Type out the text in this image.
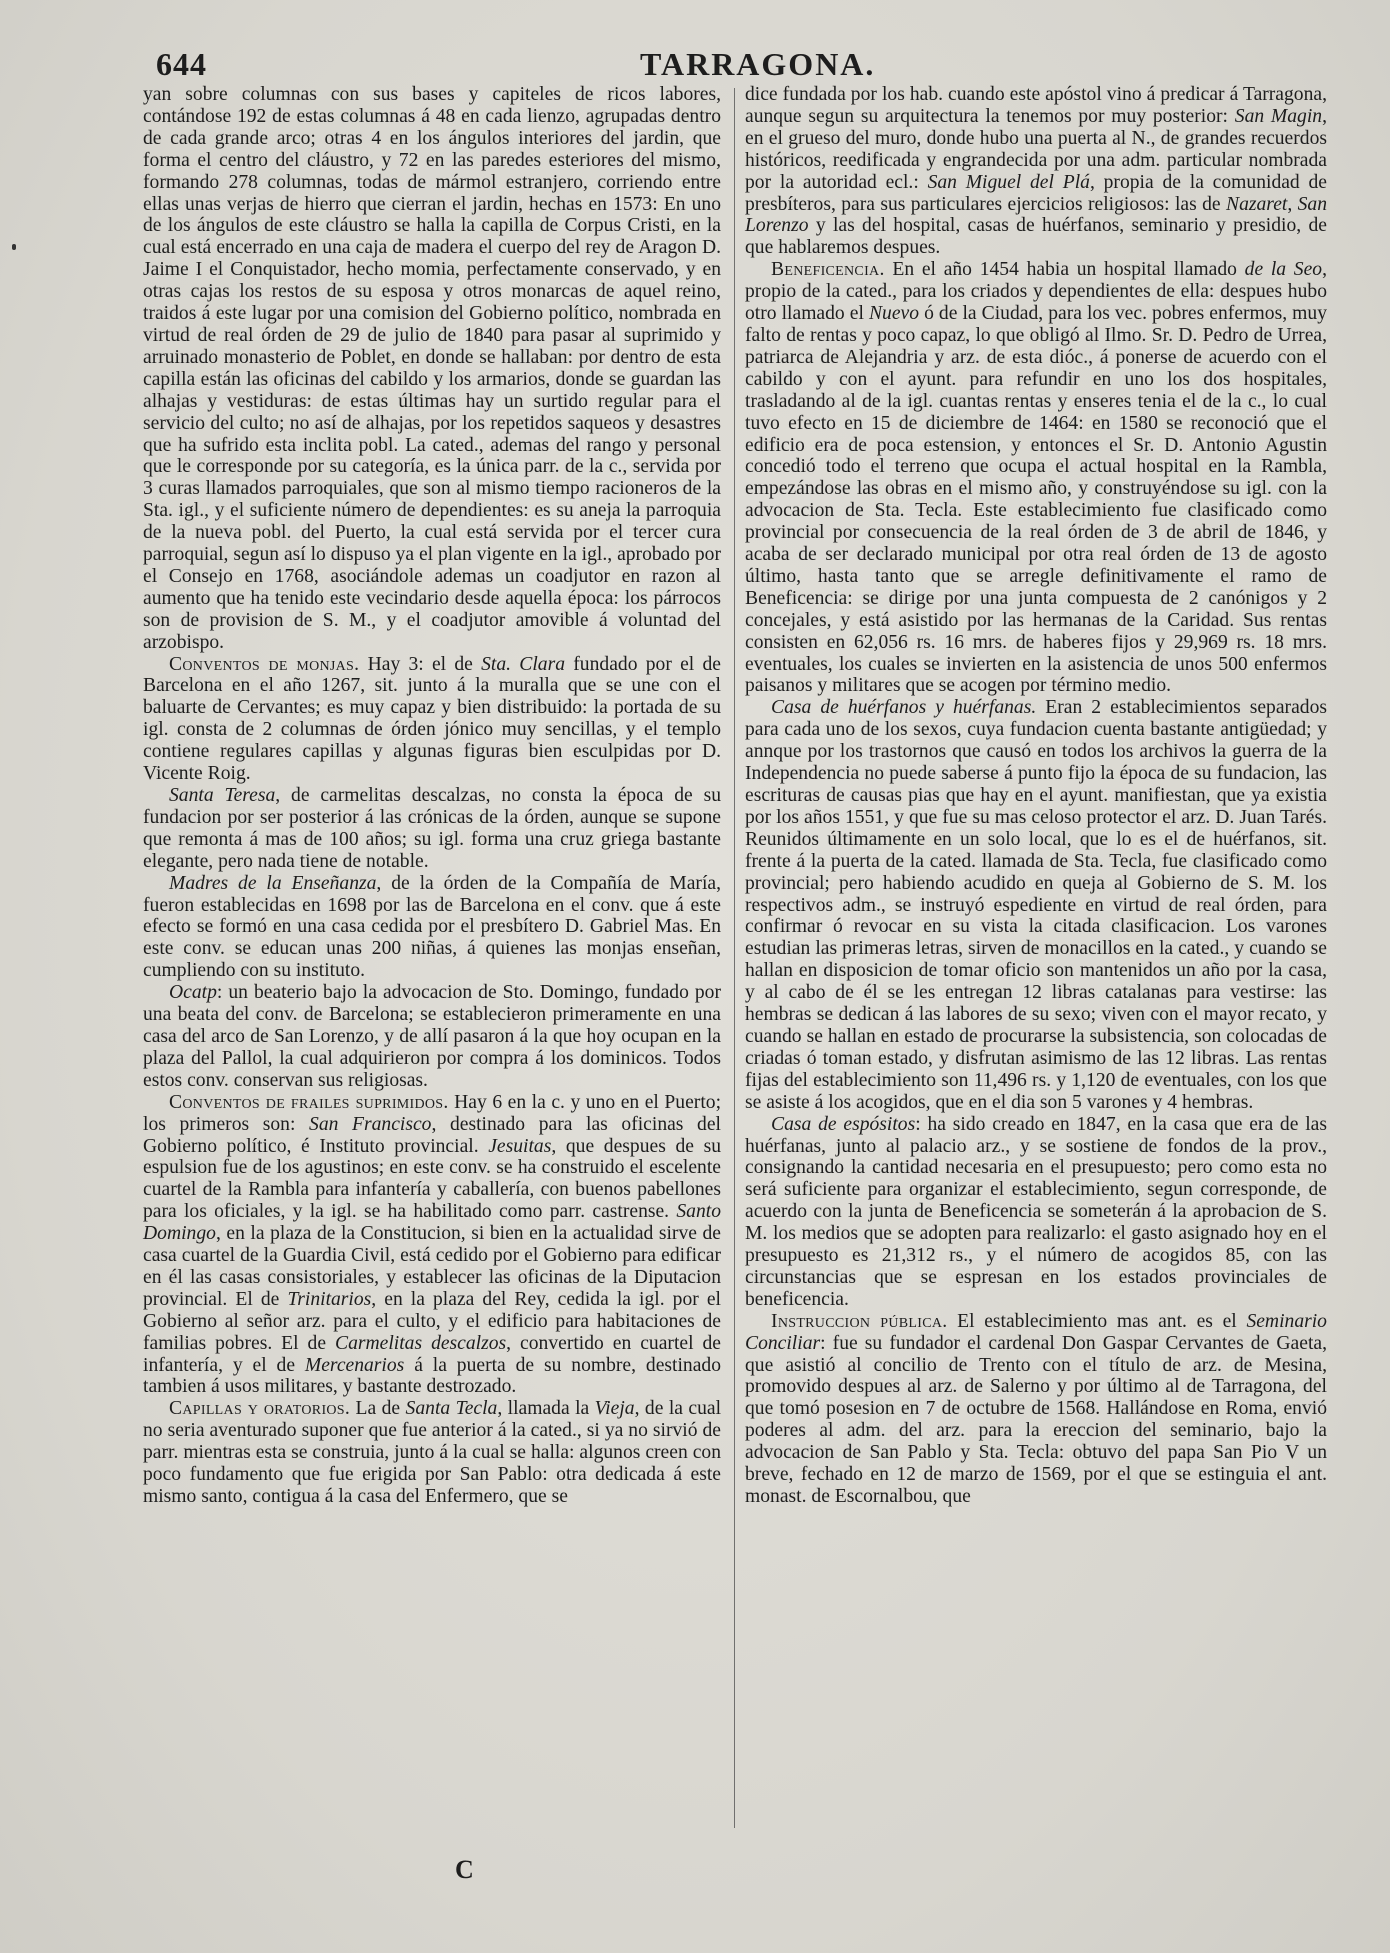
644	TARRAGONA.

yan sobre columnas con sus bases y capiteles de ricos labores, contándose 192 de estas columnas á 48 en cada lienzo, agrupadas dentro de cada grande arco; otras 4 en los ángulos interiores del jardin, que forma el centro del cláustro, y 72 en las paredes esteriores del mismo, formando 278 columnas, todas de mármol estranjero, corriendo entre ellas unas verjas de hierro que cierran el jardin, hechas en 1573: En uno de los ángulos de este cláustro se halla la capilla de Corpus Cristi, en la cual está encerrado en una caja de madera el cuerpo del rey de Aragon D. Jaime I el Conquistador, hecho momia, perfectamente conservado, y en otras cajas los restos de su esposa y otros monarcas de aquel reino, traidos á este lugar por una comision del Gobierno político, nombrada en virtud de real órden de 29 de julio de 1840 para pasar al suprimido y arruinado monasterio de Poblet, en donde se hallaban: por dentro de esta capilla están las oficinas del cabildo y los armarios, donde se guardan las alhajas y vestiduras: de estas últimas hay un surtido regular para el servicio del culto; no así de alhajas, por los repetidos saqueos y desastres que ha sufrido esta inclita pobl. La cated., ademas del rango y personal que le corresponde por su categoría, es la única parr. de la c., servida por 3 curas llamados parroquiales, que son al mismo tiempo racioneros de la Sta. igl., y el suficiente número de dependientes: es su aneja la parroquia de la nueva pobl. del Puerto, la cual está servida por el tercer cura parroquial, segun así lo dispuso ya el plan vigente en la igl., aprobado por el Consejo en 1768, asociándole ademas un coadjutor en razon al aumento que ha tenido este vecindario desde aquella época: los párrocos son de provision de S. M., y el coadjutor amovible á voluntad del arzobispo.

Conventos de monjas. Hay 3: el de Sta. Clara fundado por el de Barcelona en el año 1267, sit. junto á la muralla que se une con el baluarte de Cervantes; es muy capaz y bien distribuido: la portada de su igl. consta de 2 columnas de órden jónico muy sencillas, y el templo contiene regulares capillas y algunas figuras bien esculpidas por D. Vicente Roig.

Santa Teresa, de carmelitas descalzas, no consta la época de su fundacion por ser posterior á las crónicas de la órden, aunque se supone que remonta á mas de 100 años; su igl. forma una cruz griega bastante elegante, pero nada tiene de notable.

Madres de la Enseñanza, de la órden de la Compañía de María, fueron establecidas en 1698 por las de Barcelona en el conv. que á este efecto se formó en una casa cedida por el presbítero D. Gabriel Mas. En este conv. se educan unas 200 niñas, á quienes las monjas enseñan, cumpliendo con su instituto.

Ocatp: un beaterio bajo la advocacion de Sto. Domingo, fundado por una beata del conv. de Barcelona; se establecieron primeramente en una casa del arco de San Lorenzo, y de allí pasaron á la que hoy ocupan en la plaza del Pallol, la cual adquirieron por compra á los dominicos. Todos estos conv. conservan sus religiosas.

Conventos de frailes suprimidos. Hay 6 en la c. y uno en el Puerto; los primeros son: San Francisco, destinado para las oficinas del Gobierno político, é Instituto provincial. Jesuitas, que despues de su espulsion fue de los agustinos; en este conv. se ha construido el escelente cuartel de la Rambla para infantería y caballería, con buenos pabellones para los oficiales, y la igl. se ha habilitado como parr. castrense. Santo Domingo, en la plaza de la Constitucion, si bien en la actualidad sirve de casa cuartel de la Guardia Civil, está cedido por el Gobierno para edificar en él las casas consistoriales, y establecer las oficinas de la Diputacion provincial. El de Trinitarios, en la plaza del Rey, cedida la igl. por el Gobierno al señor arz. para el culto, y el edificio para habitaciones de familias pobres. El de Carmelitas descalzos, convertido en cuartel de infantería, y el de Mercenarios á la puerta de su nombre, destinado tambien á usos militares, y bastante destrozado.

Capillas y oratorios. La de Santa Tecla, llamada la Vieja, de la cual no seria aventurado suponer que fue anterior á la cated., si ya no sirvió de parr. mientras esta se construia, junto á la cual se halla: algunos creen con poco fundamento que fue erigida por San Pablo: otra dedicada á este mismo santo, contigua á la casa del Enfermero, que se

dice fundada por los hab. cuando este apóstol vino á predicar á Tarragona, aunque segun su arquitectura la tenemos por muy posterior: San Magin, en el grueso del muro, donde hubo una puerta al N., de grandes recuerdos históricos, reedificada y engrandecida por una adm. particular nombrada por la autoridad ecl.: San Miguel del Plá, propia de la comunidad de presbíteros, para sus particulares ejercicios religiosos: las de Nazaret, San Lorenzo y las del hospital, casas de huérfanos, seminario y presidio, de que hablaremos despues.

Beneficencia. En el año 1454 habia un hospital llamado de la Seo, propio de la cated., para los criados y dependientes de ella: despues hubo otro llamado el Nuevo ó de la Ciudad, para los vec. pobres enfermos, muy falto de rentas y poco capaz, lo que obligó al Ilmo. Sr. D. Pedro de Urrea, patriarca de Alejandria y arz. de esta dióc., á ponerse de acuerdo con el cabildo y con el ayunt. para refundir en uno los dos hospitales, trasladando al de la igl. cuantas rentas y enseres tenia el de la c., lo cual tuvo efecto en 15 de diciembre de 1464: en 1580 se reconoció que el edificio era de poca estension, y entonces el Sr. D. Antonio Agustin concedió todo el terreno que ocupa el actual hospital en la Rambla, empezándose las obras en el mismo año, y construyéndose su igl. con la advocacion de Sta. Tecla. Este establecimiento fue clasificado como provincial por consecuencia de la real órden de 3 de abril de 1846, y acaba de ser declarado municipal por otra real órden de 13 de agosto último, hasta tanto que se arregle definitivamente el ramo de Beneficencia: se dirige por una junta compuesta de 2 canónigos y 2 concejales, y está asistido por las hermanas de la Caridad. Sus rentas consisten en 62,056 rs. 16 mrs. de haberes fijos y 29,969 rs. 18 mrs. eventuales, los cuales se invierten en la asistencia de unos 500 enfermos paisanos y militares que se acogen por término medio.

Casa de huérfanos y huérfanas. Eran 2 establecimientos separados para cada uno de los sexos, cuya fundacion cuenta bastante antigüedad; y annque por los trastornos que causó en todos los archivos la guerra de la Independencia no puede saberse á punto fijo la época de su fundacion, las escrituras de causas pias que hay en el ayunt. manifiestan, que ya existia por los años 1551, y que fue su mas celoso protector el arz. D. Juan Tarés. Reunidos últimamente en un solo local, que lo es el de huérfanos, sit. frente á la puerta de la cated. llamada de Sta. Tecla, fue clasificado como provincial; pero habiendo acudido en queja al Gobierno de S. M. los respectivos adm., se instruyó espediente en virtud de real órden, para confirmar ó revocar en su vista la citada clasificacion. Los varones estudian las primeras letras, sirven de monacillos en la cated., y cuando se hallan en disposicion de tomar oficio son mantenidos un año por la casa, y al cabo de él se les entregan 12 libras catalanas para vestirse: las hembras se dedican á las labores de su sexo; viven con el mayor recato, y cuando se hallan en estado de procurarse la subsistencia, son colocadas de criadas ó toman estado, y disfrutan asimismo de las 12 libras. Las rentas fijas del establecimiento son 11,496 rs. y 1,120 de eventuales, con los que se asiste á los acogidos, que en el dia son 5 varones y 4 hembras.

Casa de espósitos: ha sido creado en 1847, en la casa que era de las huérfanas, junto al palacio arz., y se sostiene de fondos de la prov., consignando la cantidad necesaria en el presupuesto; pero como esta no será suficiente para organizar el establecimiento, segun corresponde, de acuerdo con la junta de Beneficencia se someterán á la aprobacion de S. M. los medios que se adopten para realizarlo: el gasto asignado hoy en el presupuesto es 21,312 rs., y el número de acogidos 85, con las circunstancias que se espresan en los estados provinciales de beneficencia.

Instruccion pública. El establecimiento mas ant. es el Seminario Conciliar: fue su fundador el cardenal Don Gaspar Cervantes de Gaeta, que asistió al concilio de Trento con el título de arz. de Mesina, promovido despues al arz. de Salerno y por último al de Tarragona, del que tomó posesion en 7 de octubre de 1568. Hallándose en Roma, envió poderes al adm. del arz. para la ereccion del seminario, bajo la advocacion de San Pablo y Sta. Tecla: obtuvo del papa San Pio V un breve, fechado en 12 de marzo de 1569, por el que se estinguia el ant. monast. de Escornalbou, que

C
